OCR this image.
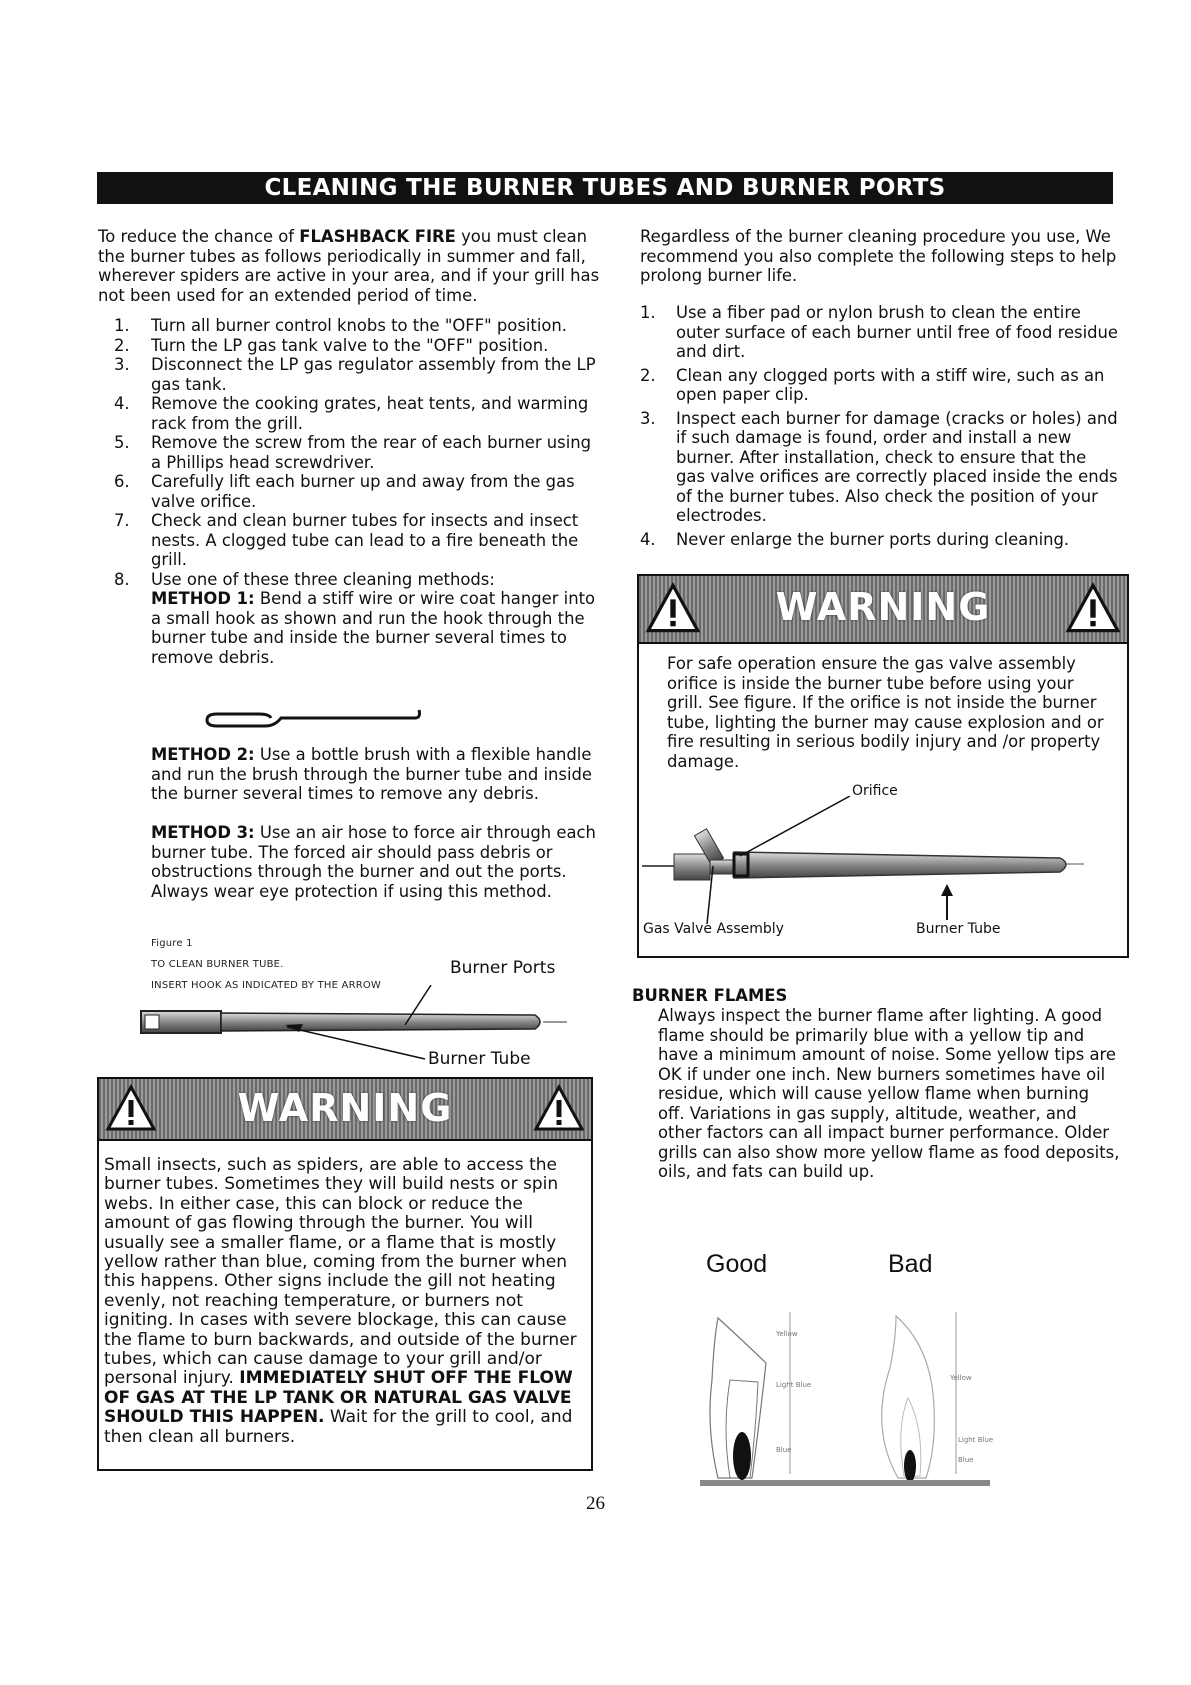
CLEANING THE BURNER TUBES AND BURNER PORTS
To reduce the chance of FLASHBACK FIRE you must clean the burner tubes as follows periodically in summer and fall, wherever spiders are active in your area, and if your grill has not been used for an extended period of time.
1. Turn all burner control knobs to the "OFF" position.
2. Turn the LP gas tank valve to the "OFF" position.
3. Disconnect the LP gas regulator assembly from the LP gas tank.
4. Remove the cooking grates, heat tents, and warming rack from the grill.
5. Remove the screw from the rear of each burner using a Phillips head screwdriver.
6. Carefully lift each burner up and away from the gas valve orifice.
7. Check and clean burner tubes for insects and insect nests. A clogged tube can lead to a fire beneath the grill.
8. Use one of these three cleaning methods:
METHOD 1: Bend a stiff wire or wire coat hanger into a small hook as shown and run the hook through the burner tube and inside the burner several times to remove debris.
METHOD 2: Use a bottle brush with a flexible handle and run the brush through the burner tube and inside the burner several times to remove any debris.
METHOD 3: Use an air hose to force air through each burner tube. The forced air should pass debris or obstructions through the burner and out the ports. Always wear eye protection if using this method.
Figure 1
TO CLEAN BURNER TUBE.
INSERT HOOK AS INDICATED BY THE ARROW
Burner Ports
Burner Tube
WARNING
Small insects, such as spiders, are able to access the burner tubes. Sometimes they will build nests or spin webs. In either case, this can block or reduce the amount of gas flowing through the burner. You will usually see a smaller flame, or a flame that is mostly yellow rather than blue, coming from the burner when this happens. Other signs include the gill not heating evenly, not reaching temperature, or burners not igniting. In cases with severe blockage, this can cause the flame to burn backwards, and outside of the burner tubes, which can cause damage to your grill and/or personal injury. IMMEDIATELY SHUT OFF THE FLOW OF GAS AT THE LP TANK OR NATURAL GAS VALVE SHOULD THIS HAPPEN. Wait for the grill to cool, and then clean all burners.
Regardless of the burner cleaning procedure you use, We recommend you also complete the following steps to help prolong burner life.
1. Use a fiber pad or nylon brush to clean the entire outer surface of each burner until free of food residue and dirt.
2. Clean any clogged ports with a stiff wire, such as an open paper clip.
3. Inspect each burner for damage (cracks or holes) and if such damage is found, order and install a new burner. After installation, check to ensure that the gas valve orifices are correctly placed inside the ends of the burner tubes. Also check the position of your electrodes.
4. Never enlarge the burner ports during cleaning.
WARNING
For safe operation ensure the gas valve assembly orifice is inside the burner tube before using your grill. See figure. If the orifice is not inside the burner tube, lighting the burner may cause explosion and or fire resulting in serious bodily injury and /or property damage.
Orifice
Gas Valve Assembly	Burner Tube
BURNER FLAMES
Always inspect the burner flame after lighting. A good flame should be primarily blue with a yellow tip and have a minimum amount of noise. Some yellow tips are OK if under one inch. New burners sometimes have oil residue, which will cause yellow flame when burning off. Variations in gas supply, altitude, weather, and other factors can all impact burner performance. Older grills can also show more yellow flame as food deposits, oils, and fats can build up.
Good	Bad
Yellow
Light Blue
Blue
Yellow
Light Blue
Blue
26
